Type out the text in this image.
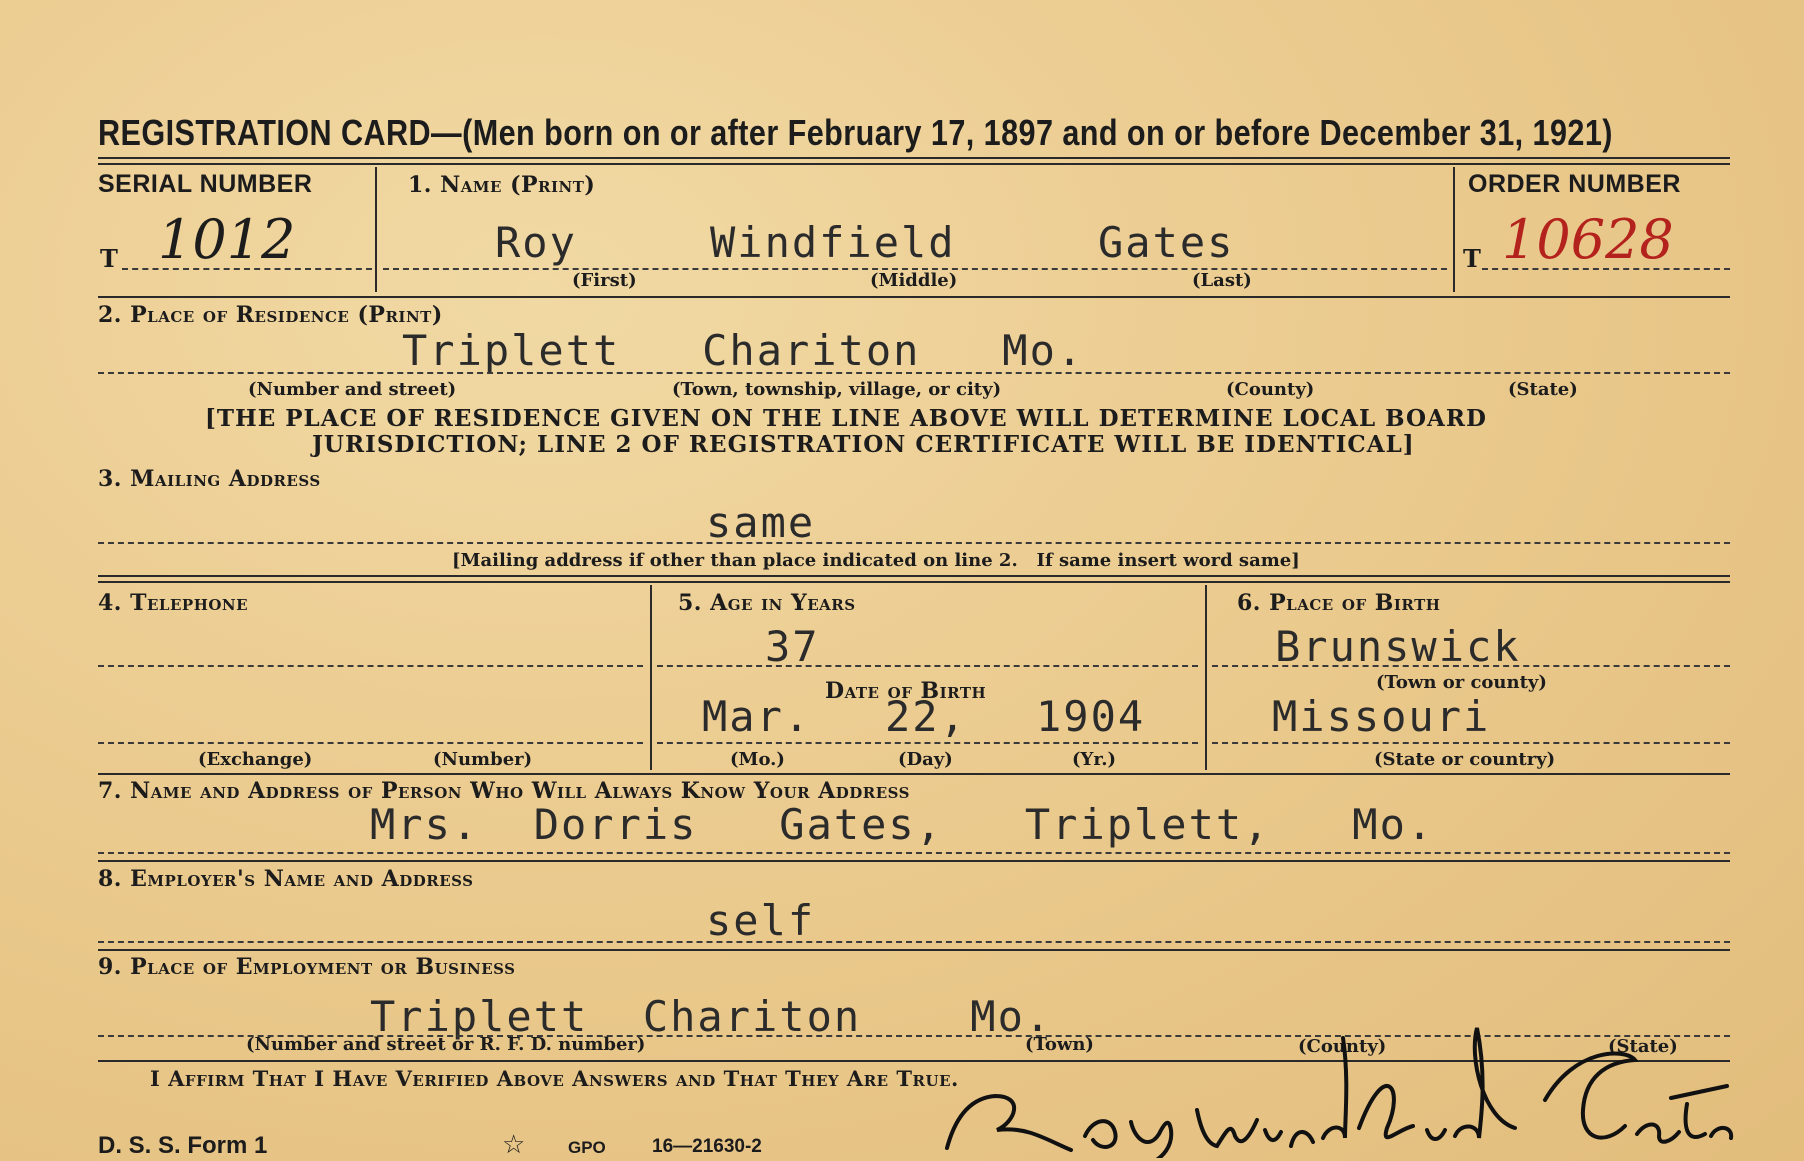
REGISTRATION CARD—(Men born on or after February 17, 1897 and on or before December 31, 1921)
SERIAL NUMBER
T 1012
1. Name (Print)
Roy	Windfield	Gates
(First)	(Middle)	(Last)
ORDER NUMBER
T 10628
2. Place of Residence (Print)
Triplett   Chariton   Mo.
(Number and street)	(Town, township, village, or city)	(County)	(State)
[THE PLACE OF RESIDENCE GIVEN ON THE LINE ABOVE WILL DETERMINE LOCAL BOARD
JURISDICTION; LINE 2 OF REGISTRATION CERTIFICATE WILL BE IDENTICAL]
3. Mailing Address
same
[Mailing address if other than place indicated on line 2.   If same insert word same]
4. Telephone
(Exchange)	(Number)
5. Age in Years
37
Date of Birth
Mar. 22, 1904
(Mo.)	(Day)	(Yr.)
6. Place of Birth
Brunswick
(Town or county)
Missouri
(State or country)
7. Name and Address of Person Who Will Always Know Your Address
Mrs.  Dorris   Gates,   Triplett,   Mo.
8. Employer's Name and Address
self
9. Place of Employment or Business
Triplett  Chariton    Mo.
(Number and street or R. F. D. number)	(Town)	(County)	(State)
I Affirm That I Have Verified Above Answers and That They Are True.
D. S. S. Form 1	☆	GPO 16—21630-2
